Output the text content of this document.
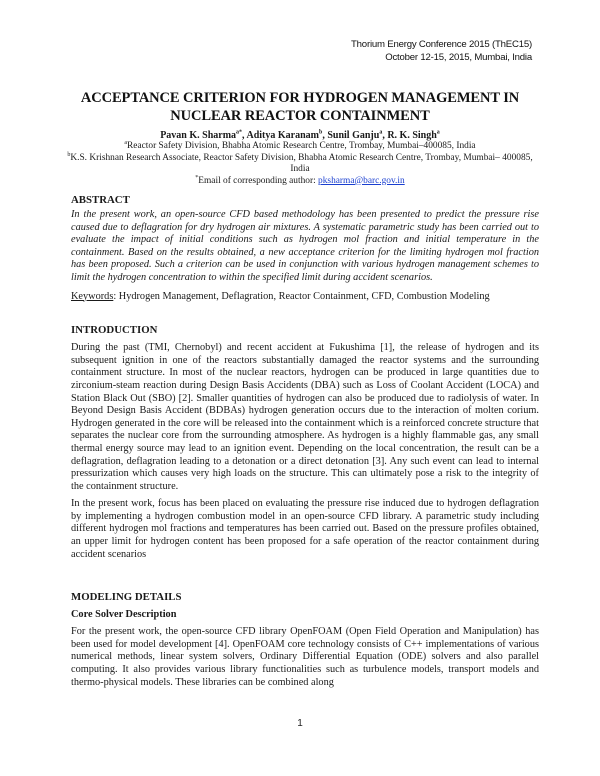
Thorium Energy Conference 2015 (ThEC15)
October 12-15, 2015, Mumbai, India
ACCEPTANCE CRITERION FOR HYDROGEN MANAGEMENT IN
NUCLEAR REACTOR CONTAINMENT
Pavan K. Sharma$^{a*}$, Aditya Karanam$^b$, Sunil Ganju$^a$, R. K. Singh$^a$
$^a$Reactor Safety Division, Bhabha Atomic Research Centre, Trombay, Mumbai–400085, India
$^b$K.S. Krishnan Research Associate, Reactor Safety Division, Bhabha Atomic Research Centre, Trombay, Mumbai– 400085, India
*Email of corresponding author: pksharma@barc.gov.in

ABSTRACT

In the present work, an open-source CFD based methodology has been presented to predict the pressure rise caused due to deflagration for dry hydrogen air mixtures. A systematic parametric study has been carried out to evaluate the impact of initial conditions such as hydrogen mol fraction and initial temperature in the containment. Based on the results obtained, a new acceptance criterion for the limiting hydrogen mol fraction has been proposed. Such a criterion can be used in conjunction with various hydrogen management schemes to limit the hydrogen concentration to within the specified limit during accident scenarios.

Keywords: Hydrogen Management, Deflagration, Reactor Containment, CFD, Combustion Modeling

INTRODUCTION

During the past (TMI, Chernobyl) and recent accident at Fukushima [1], the release of hydrogen and its subsequent ignition in one of the reactors substantially damaged the reactor systems and the surrounding containment structure. In most of the nuclear reactors, hydrogen can be produced in large quantities due to zirconium-steam reaction during Design Basis Accidents (DBA) such as Loss of Coolant Accident (LOCA) and Station Black Out (SBO) [2]. Smaller quantities of hydrogen can also be produced due to radiolysis of water. In Beyond Design Basis Accident (BDBAs) hydrogen generation occurs due to the interaction of molten corium. Hydrogen generated in the core will be released into the containment which is a reinforced concrete structure that separates the nuclear core from the surrounding atmosphere. As hydrogen is a highly flammable gas, any small thermal energy source may lead to an ignition event. Depending on the local concentration, the result can be a deflagration, deflagration leading to a detonation or a direct detonation [3]. Any such event can lead to internal pressurization which causes very high loads on the structure. This can ultimately pose a risk to the integrity of the containment structure.

In the present work, focus has been placed on evaluating the pressure rise induced due to hydrogen deflagration by implementing a hydrogen combustion model in an open-source CFD library. A parametric study including different hydrogen mol fractions and temperatures has been carried out. Based on the pressure profiles obtained, an upper limit for hydrogen content has been proposed for a safe operation of the reactor containment during accident scenarios

MODELING DETAILS

Core Solver Description

For the present work, the open-source CFD library OpenFOAM (Open Field Operation and Manipulation) has been used for model development [4]. OpenFOAM core technology consists of C++ implementations of various numerical methods, linear system solvers, Ordinary Differential Equation (ODE) solvers and also parallel computing. It also provides various library functionalities such as turbulence models, transport models and thermo-physical models. These libraries can be combined along

1
